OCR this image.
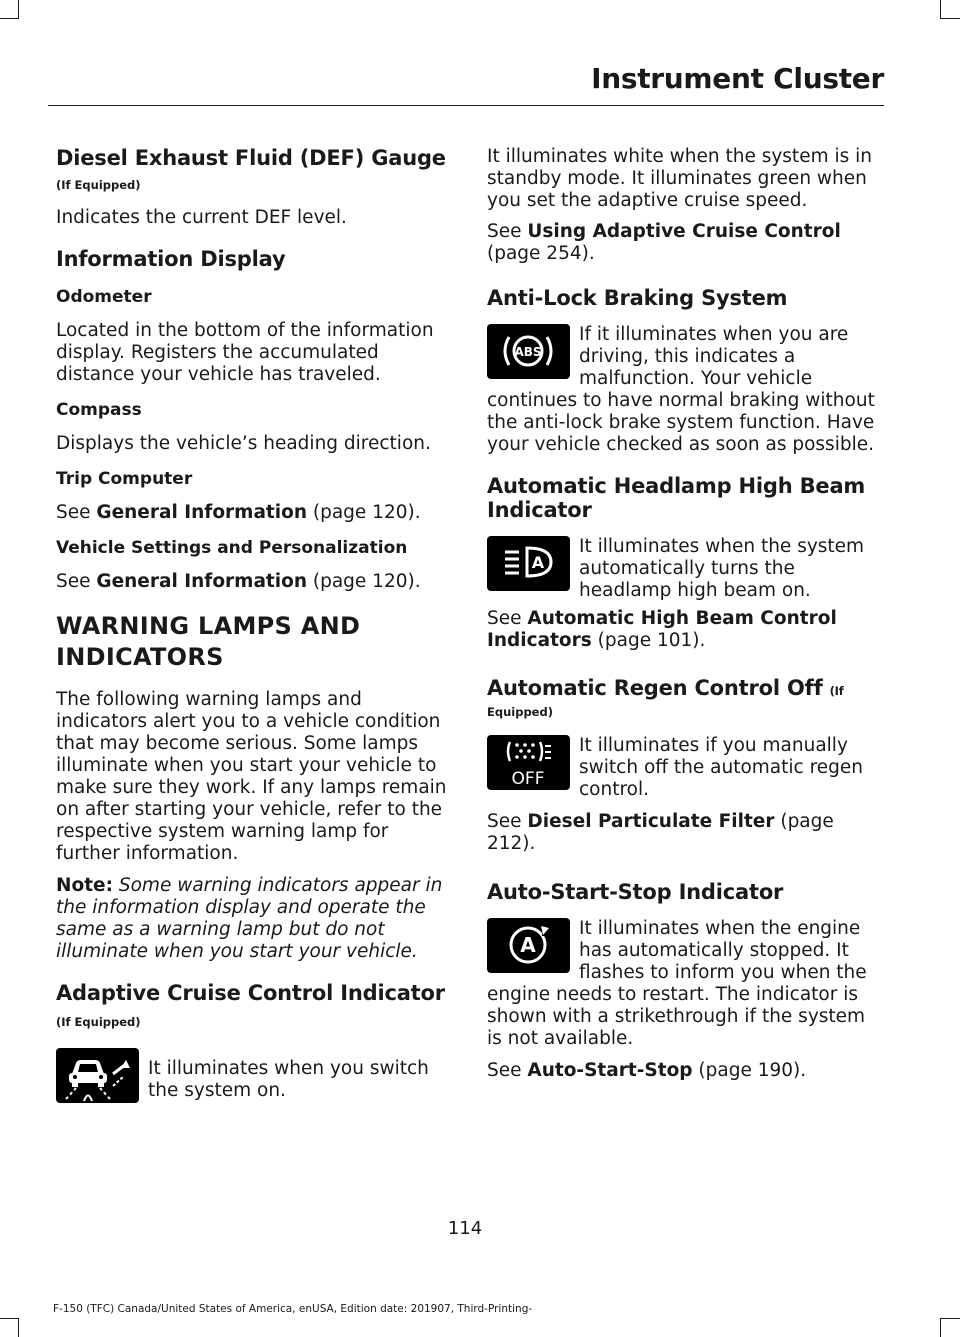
Instrument Cluster
Diesel Exhaust Fluid (DEF) Gauge
(If Equipped)

Indicates the current DEF level.

Information Display
Odometer

Located in the bottom of the information display. Registers the accumulated distance your vehicle has traveled.

Compass

Displays the vehicle’s heading direction.

Trip Computer

See General Information (page 120).

Vehicle Settings and Personalization

See General Information (page 120).

WARNING LAMPS AND
INDICATORS

The following warning lamps and indicators alert you to a vehicle condition that may become serious. Some lamps illuminate when you start your vehicle to make sure they work. If any lamps remain on after starting your vehicle, refer to the respective system warning lamp for further information.

Note: Some warning indicators appear in the information display and operate the same as a warning lamp but do not illuminate when you start your vehicle.

Adaptive Cruise Control Indicator
(If Equipped)

It illuminates when you switch the system on.

It illuminates white when the system is in standby mode. It illuminates green when you set the adaptive cruise speed.

See Using Adaptive Cruise Control (page 254).

Anti-Lock Braking System
ABS

If it illuminates when you are driving, this indicates a malfunction. Your vehicle continues to have normal braking without the anti-lock brake system function. Have your vehicle checked as soon as possible.

Automatic Headlamp High Beam Indicator
A

It illuminates when the system automatically turns the headlamp high beam on.

See Automatic High Beam Control Indicators (page 101).

Automatic Regen Control Off (If
Equipped)
OFF

It illuminates if you manually switch off the automatic regen control.

See Diesel Particulate Filter (page 212).

Auto-Start-Stop Indicator
A

It illuminates when the engine has automatically stopped. It flashes to inform you when the engine needs to restart. The indicator is shown with a strikethrough if the system is not available.

See Auto-Start-Stop (page 190).

114
F-150 (TFC) Canada/United States of America, enUSA, Edition date: 201907, Third-Printing-
